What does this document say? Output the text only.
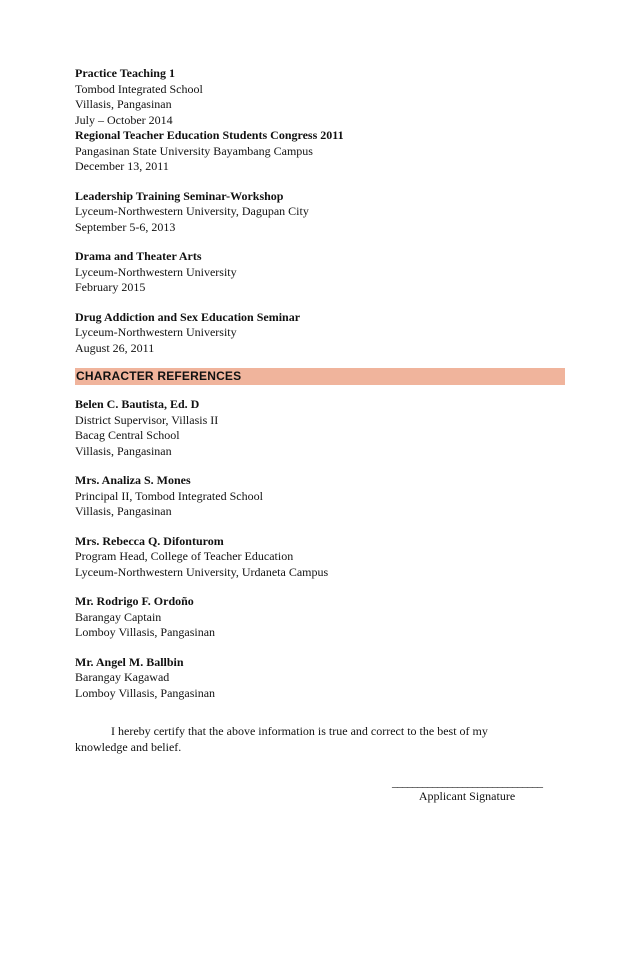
Practice Teaching 1
Tombod Integrated School
Villasis, Pangasinan
July – October 2014
Regional Teacher Education Students Congress 2011
Pangasinan State University Bayambang Campus
December 13, 2011
Leadership Training Seminar-Workshop
Lyceum-Northwestern University, Dagupan City
September 5-6, 2013
Drama and Theater Arts
Lyceum-Northwestern University
February 2015
Drug Addiction and Sex Education Seminar
Lyceum-Northwestern University
August 26, 2011
CHARACTER REFERENCES
Belen C. Bautista, Ed. D
District Supervisor, Villasis II
Bacag Central School
Villasis, Pangasinan
Mrs. Analiza S. Mones
Principal II, Tombod Integrated School
Villasis, Pangasinan
Mrs. Rebecca Q. Difonturom
Program Head, College of Teacher Education
Lyceum-Northwestern University, Urdaneta Campus
Mr. Rodrigo F. Ordoño
Barangay Captain
Lomboy Villasis, Pangasinan
Mr. Angel M. Ballbin
Barangay Kagawad
Lomboy Villasis, Pangasinan
I hereby certify that the above information is true and correct to the best of my
knowledge and belief.
______________________________
Applicant Signature
